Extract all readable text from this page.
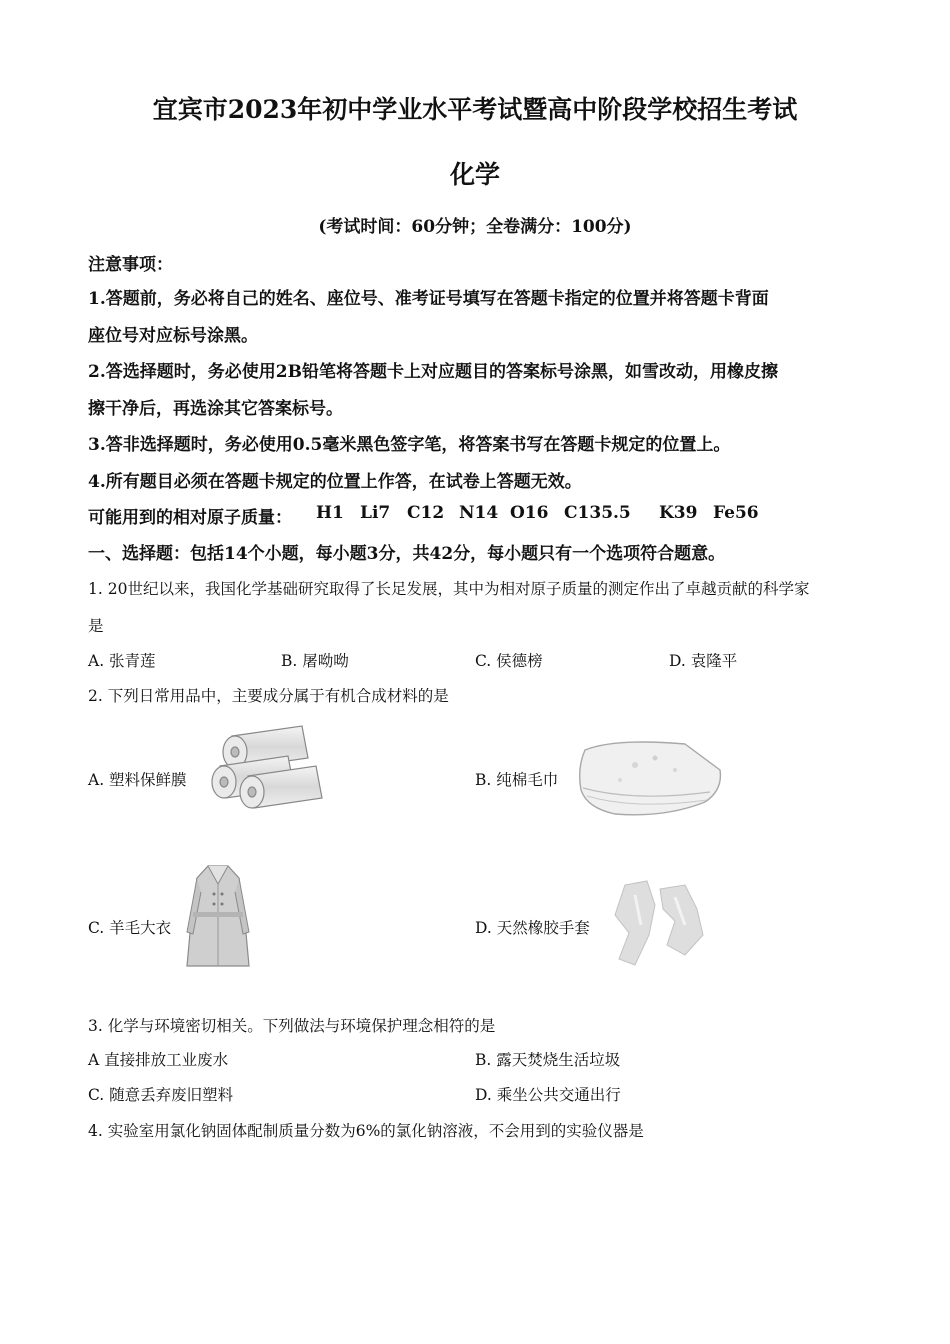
宜宾市2023年初中学业水平考试暨高中阶段学校招生考试
化学
(考试时间：60分钟；全卷满分：100分)
注意事项：
1.答题前，务必将自己的姓名、座位号、准考证号填写在答题卡指定的位置并将答题卡背面
座位号对应标号涂黑。
2.答选择题时，务必使用2B铅笔将答题卡上对应题目的答案标号涂黑，如雪改动，用橡皮擦
擦干净后，再选涂其它答案标号。
3.答非选择题时，务必使用0.5毫米黑色签字笔，将答案书写在答题卡规定的位置上。
4.所有题目必须在答题卡规定的位置上作答，在试卷上答题无效。
可能用到的相对原子质量： H1 Li7 C12 N14 O16 C135.5 K39 Fe56
一、选择题：包括14个小题，每小题3分，共42分，每小题只有一个选项符合题意。
1. 20世纪以来，我国化学基础研究取得了长足发展，其中为相对原子质量的测定作出了卓越贡献的科学家
是
A. 张青莲	B. 屠呦呦	C. 侯德榜	D. 袁隆平
2. 下列日常用品中，主要成分属于有机合成材料的是
A. 塑料保鲜膜	B. 纯棉毛巾
C. 羊毛大衣	D. 天然橡胶手套
3. 化学与环境密切相关。下列做法与环境保护理念相符的是
A 直接排放工业废水	B. 露天焚烧生活垃圾
C. 随意丢弃废旧塑料	D. 乘坐公共交通出行
4. 实验室用氯化钠固体配制质量分数为6%的氯化钠溶液，不会用到的实验仪器是
